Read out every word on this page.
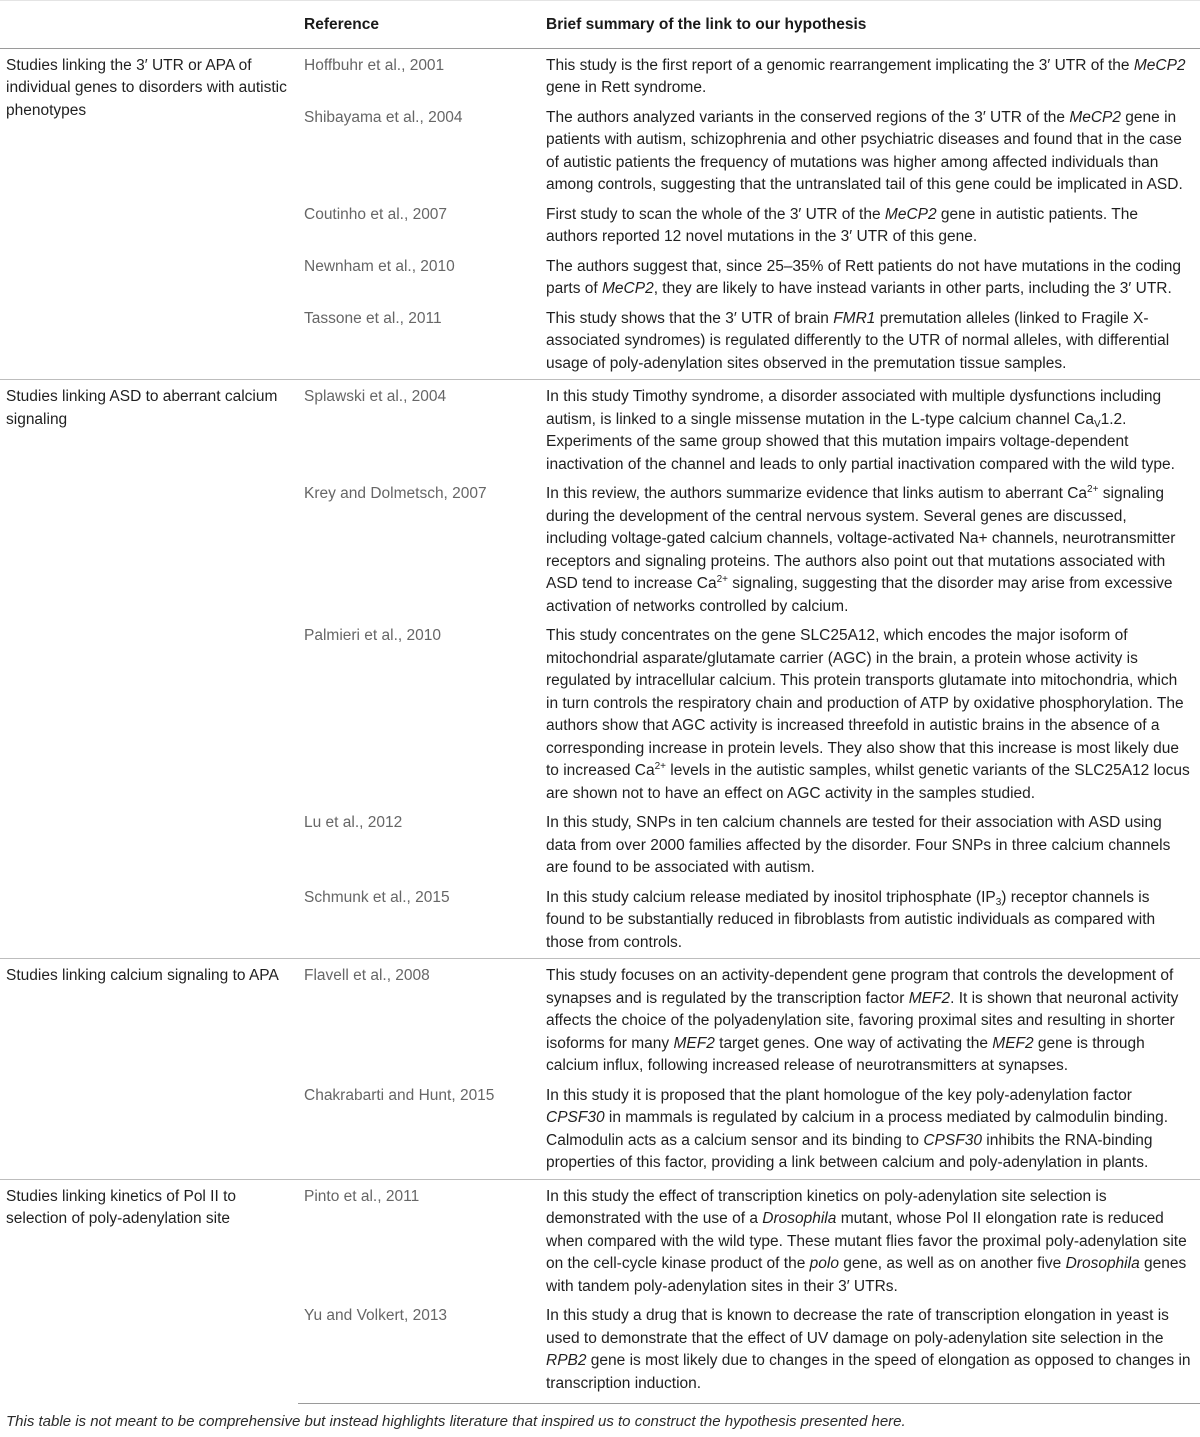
	Reference	Brief summary of the link to our hypothesis
Studies linking the 3′ UTR or APA of individual genes to disorders with autistic phenotypes	Hoffbuhr et al., 2001	This study is the first report of a genomic rearrangement implicating the 3′ UTR of the MeCP2 gene in Rett syndrome.
	Shibayama et al., 2004	The authors analyzed variants in the conserved regions of the 3′ UTR of the MeCP2 gene in patients with autism, schizophrenia and other psychiatric diseases and found that in the case of autistic patients the frequency of mutations was higher among affected individuals than among controls, suggesting that the untranslated tail of this gene could be implicated in ASD.
	Coutinho et al., 2007	First study to scan the whole of the 3′ UTR of the MeCP2 gene in autistic patients. The authors reported 12 novel mutations in the 3′ UTR of this gene.
	Newnham et al., 2010	The authors suggest that, since 25–35% of Rett patients do not have mutations in the coding parts of MeCP2, they are likely to have instead variants in other parts, including the 3′ UTR.
	Tassone et al., 2011	This study shows that the 3′ UTR of brain FMR1 premutation alleles (linked to Fragile X-associated syndromes) is regulated differently to the UTR of normal alleles, with differential usage of poly-adenylation sites observed in the premutation tissue samples.
Studies linking ASD to aberrant calcium signaling	Splawski et al., 2004	In this study Timothy syndrome, a disorder associated with multiple dysfunctions including autism, is linked to a single missense mutation in the L-type calcium channel $Ca_V1.2$. Experiments of the same group showed that this mutation impairs voltage-dependent inactivation of the channel and leads to only partial inactivation compared with the wild type.
	Krey and Dolmetsch, 2007	In this review, the authors summarize evidence that links autism to aberrant $Ca^{2+}$ signaling during the development of the central nervous system. Several genes are discussed, including voltage-gated calcium channels, voltage-activated Na+ channels, neurotransmitter receptors and signaling proteins. The authors also point out that mutations associated with ASD tend to increase $Ca^{2+}$ signaling, suggesting that the disorder may arise from excessive activation of networks controlled by calcium.
	Palmieri et al., 2010	This study concentrates on the gene SLC25A12, which encodes the major isoform of mitochondrial asparate/glutamate carrier (AGC) in the brain, a protein whose activity is regulated by intracellular calcium. This protein transports glutamate into mitochondria, which in turn controls the respiratory chain and production of ATP by oxidative phosphorylation. The authors show that AGC activity is increased threefold in autistic brains in the absence of a corresponding increase in protein levels. They also show that this increase is most likely due to increased $Ca^{2+}$ levels in the autistic samples, whilst genetic variants of the SLC25A12 locus are shown not to have an effect on AGC activity in the samples studied.
	Lu et al., 2012	In this study, SNPs in ten calcium channels are tested for their association with ASD using data from over 2000 families affected by the disorder. Four SNPs in three calcium channels are found to be associated with autism.
	Schmunk et al., 2015	In this study calcium release mediated by inositol triphosphate $(IP_3)$ receptor channels is found to be substantially reduced in fibroblasts from autistic individuals as compared with those from controls.
Studies linking calcium signaling to APA	Flavell et al., 2008	This study focuses on an activity-dependent gene program that controls the development of synapses and is regulated by the transcription factor MEF2. It is shown that neuronal activity affects the choice of the polyadenylation site, favoring proximal sites and resulting in shorter isoforms for many MEF2 target genes. One way of activating the MEF2 gene is through calcium influx, following increased release of neurotransmitters at synapses.
	Chakrabarti and Hunt, 2015	In this study it is proposed that the plant homologue of the key poly-adenylation factor CPSF30 in mammals is regulated by calcium in a process mediated by calmodulin binding. Calmodulin acts as a calcium sensor and its binding to CPSF30 inhibits the RNA-binding properties of this factor, providing a link between calcium and poly-adenylation in plants.
Studies linking kinetics of Pol II to selection of poly-adenylation site	Pinto et al., 2011	In this study the effect of transcription kinetics on poly-adenylation site selection is demonstrated with the use of a Drosophila mutant, whose Pol II elongation rate is reduced when compared with the wild type. These mutant flies favor the proximal poly-adenylation site on the cell-cycle kinase product of the polo gene, as well as on another five Drosophila genes with tandem poly-adenylation sites in their 3′ UTRs.
	Yu and Volkert, 2013	In this study a drug that is known to decrease the rate of transcription elongation in yeast is used to demonstrate that the effect of UV damage on poly-adenylation site selection in the RPB2 gene is most likely due to changes in the speed of elongation as opposed to changes in transcription induction.
This table is not meant to be comprehensive but instead highlights literature that inspired us to construct the hypothesis presented here.
